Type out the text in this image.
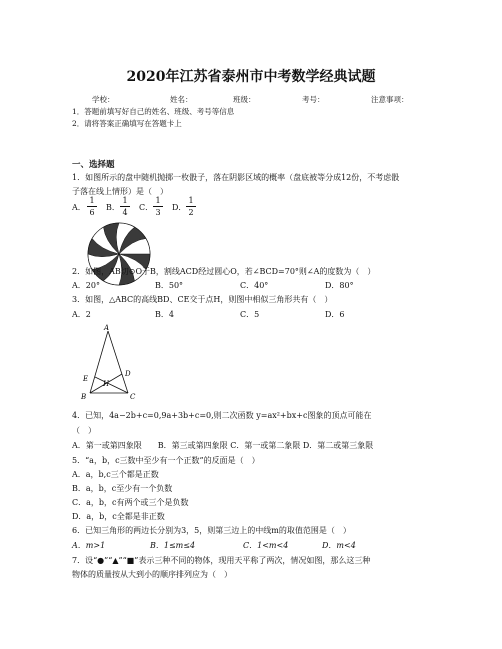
2020年江苏省泰州市中考数学经典试题
学校：	姓名：	班级：	考号：	注意事项：
1．答题前填写好自己的姓名、班级、考号等信息
2．请将答案正确填写在答题卡上
一、选择题
1．如图所示的盘中随机抛掷一枚骰子，落在阴影区域的概率（盘底被等分成12份，不考虑骰
子落在线上情形）是（　）
A．
1
6
B．
1
4
C．
1
3
D．
1
2
2．如图，AB切⊙O于B，割线ACD经过圆心O，若∠BCD=70°则∠A的度数为（　）
A．20°	B．50°	C．40°	D．80°
3．如图，△ABC的高线BD、CE交于点H，则图中相似三角形共有（　）
A．2	B．4	C．5	D．6
A
E
H
D
B	C
4．已知，4a−2b+c=0,9a+3b+c=0,则二次函数 y=ax²+bx+c图象的顶点可能在
（　）
A．第一或第四象限　　B．第三或第四象限 C．第一或第二象限 D．第二或第三象限
5．“a，b，c三数中至少有一个正数”的反面是（　）
A．a，b,c三个都是正数
B．a，b，c至少有一个负数
C．a，b，c有两个或三个是负数
D．a，b，c全都是非正数
6．已知三角形的两边长分别为3，5，则第三边上的中线m的取值范围是（　）
A．m>1	B．1≤m≤4	C．1<m<4	D．m<4
7．设“●”“▲”“■”表示三种不同的物体，现用天平称了两次，情况如图，那么这三种
物体的质量按从大到小的顺序排列应为（　）
